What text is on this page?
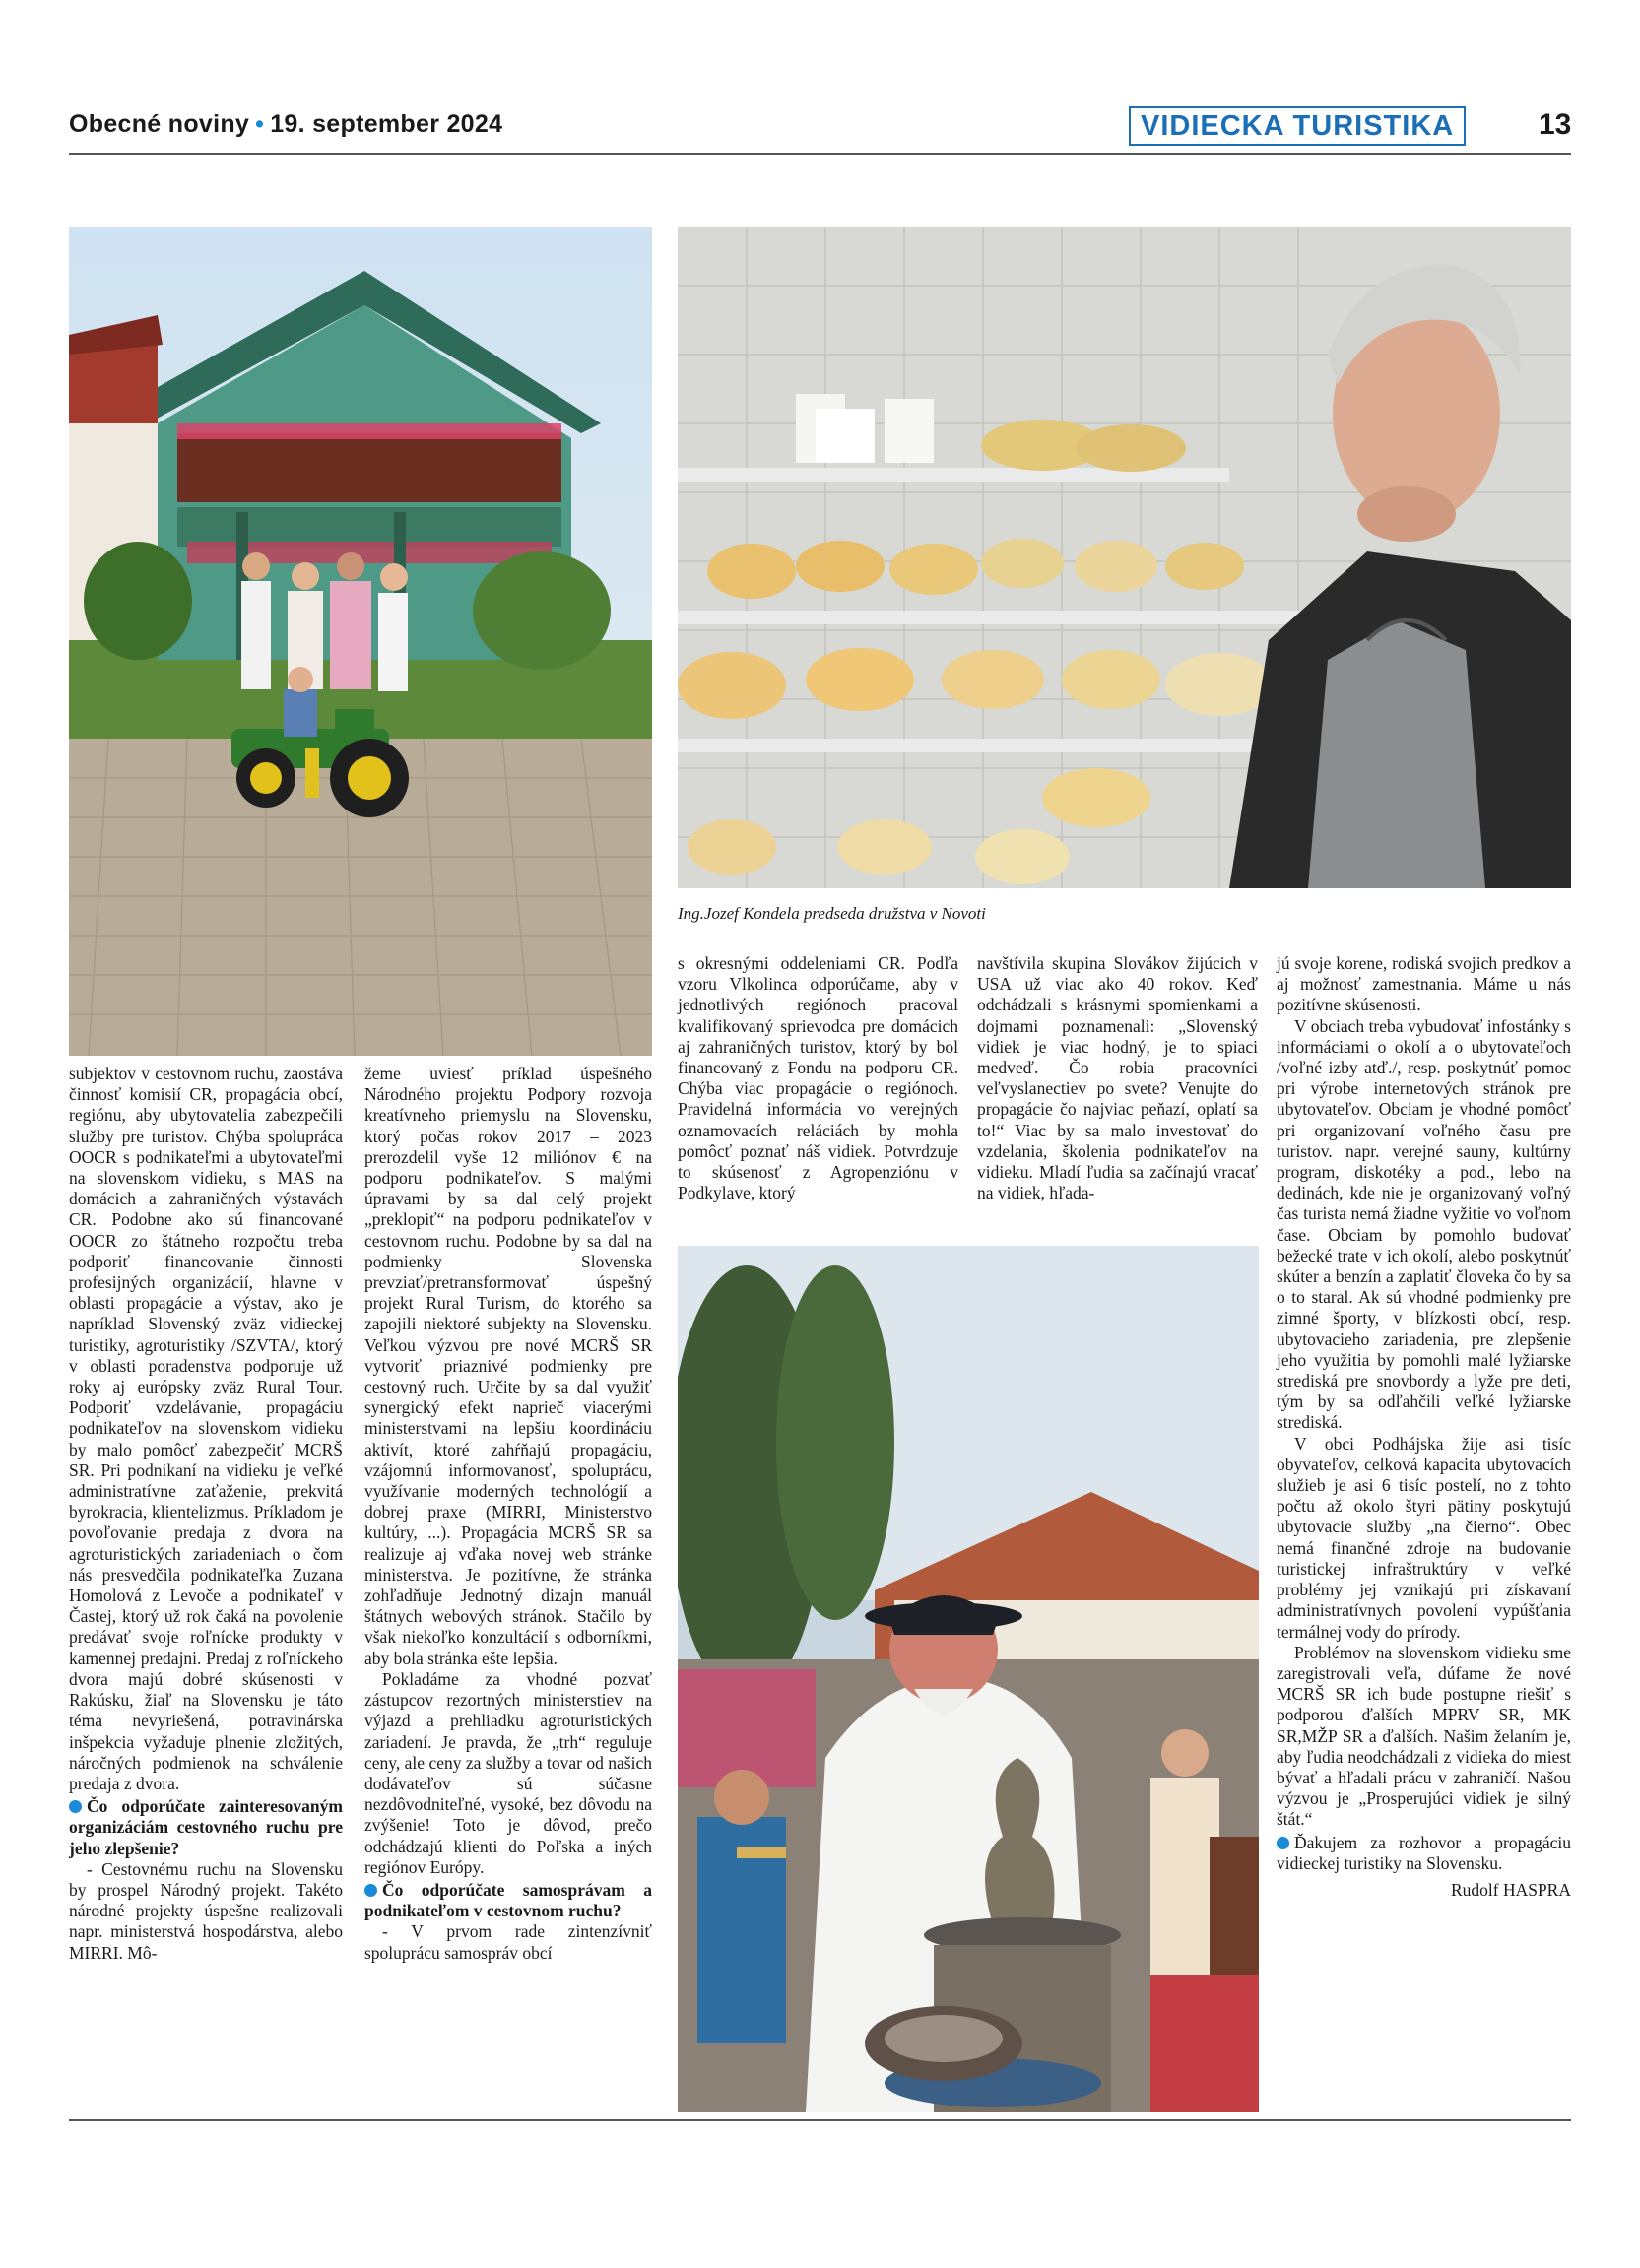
Obecné noviny • 19. september 2024	VIDIECKA TURISTIKA	13
Ing.Jozef Kondela predseda družstva v Novoti

subjektov v cestovnom ruchu, zaostáva činnosť komisií CR, propagácia obcí, regiónu, aby ubytovatelia zabezpečili služby pre turistov. Chýba spolupráca OOCR s podnikateľmi a ubytovateľmi na slovenskom vidieku, s MAS na domácich a zahraničných výstavách CR. Podobne ako sú financované OOCR zo štátneho rozpočtu treba podporiť financovanie činnosti profesijných organizácií, hlavne v oblasti propagácie a výstav, ako je napríklad Slovenský zväz vidieckej turistiky, agroturistiky /SZVTA/, ktorý v oblasti poradenstva podporuje už roky aj európsky zväz Rural Tour. Podporiť vzdelávanie, propagáciu podnikateľov na slovenskom vidieku by malo pomôcť zabezpečiť MCRŠ SR. Pri podnikaní na vidieku je veľké administratívne zaťaženie, prekvitá byrokracia, klientelizmus. Príkladom je povoľovanie predaja z dvora na agroturistických zariadeniach o čom nás presvedčila podnikateľka Zuzana Homolová z Levoče a podnikateľ v Častej, ktorý už rok čaká na povolenie predávať svoje roľnícke produkty v kamennej predajni. Predaj z roľníckeho dvora majú dobré skúsenosti v Rakúsku, žiaľ na Slovensku je táto téma nevyriešená, potravinárska inšpekcia vyžaduje plnenie zložitých, náročných podmienok na schválenie predaja z dvora.

Čo odporúčate zainteresovaným organizáciám cestovného ruchu pre jeho zlepšenie?

- Cestovnému ruchu na Slovensku by prospel Národný projekt. Takéto národné projekty úspešne realizovali napr. ministerstvá hospodárstva, alebo MIRRI. Mô-

žeme uviesť príklad úspešného Národného projektu Podpory rozvoja kreatívneho priemyslu na Slovensku, ktorý počas rokov 2017 – 2023 prerozdelil vyše 12 miliónov € na podporu podnikateľov. S malými úpravami by sa dal celý projekt „preklopiť“ na podporu podnikateľov v cestovnom ruchu. Podobne by sa dal na podmienky Slovenska prevziať/pretransformovať úspešný projekt Rural Turism, do ktorého sa zapojili niektoré subjekty na Slovensku. Veľkou výzvou pre nové MCRŠ SR vytvoriť priaznivé podmienky pre cestovný ruch. Určite by sa dal využiť synergický efekt naprieč viacerými ministerstvami na lepšiu koordináciu aktivít, ktoré zahŕňajú propagáciu, vzájomnú informovanosť, spoluprácu, využívanie moderných technológií a dobrej praxe (MIRRI, Ministerstvo kultúry, ...). Propagácia MCRŠ SR sa realizuje aj vďaka novej web stránke ministerstva. Je pozitívne, že stránka zohľadňuje Jednotný dizajn manuál štátnych webových stránok. Stačilo by však niekoľko konzultácií s odborníkmi, aby bola stránka ešte lepšia.

Pokladáme za vhodné pozvať zástupcov rezortných ministerstiev na výjazd a prehliadku agroturistických zariadení. Je pravda, že „trh“ reguluje ceny, ale ceny za služby a tovar od našich dodávateľov sú súčasne nezdôvodniteľné, vysoké, bez dôvodu na zvýšenie! Toto je dôvod, prečo odchádzajú klienti do Poľska a iných regiónov Európy.

Čo odporúčate samosprávam a podnikateľom v cestovnom ruchu?

- V prvom rade zintenzívniť spoluprácu samospráv obcí

s okresnými oddeleniami CR. Podľa vzoru Vlkolinca odporúčame, aby v jednotlivých regiónoch pracoval kvalifikovaný sprievodca pre domácich aj zahraničných turistov, ktorý by bol financovaný z Fondu na podporu CR. Chýba viac propagácie o regiónoch. Pravidelná informácia vo verejných oznamovacích reláciách by mohla pomôcť poznať náš vidiek. Potvrdzuje to skúsenosť z Agropenziónu v Podkylave, ktorý

navštívila skupina Slovákov žijúcich v USA už viac ako 40 rokov. Keď odchádzali s krásnymi spomienkami a dojmami poznamenali: „Slovenský vidiek je viac hodný, je to spiaci medveď. Čo robia pracovníci veľvyslanectiev po svete? Venujte do propagácie čo najviac peňazí, oplatí sa to!“ Viac by sa malo investovať do vzdelania, školenia podnikateľov na vidieku. Mladí ľudia sa začínajú vracať na vidiek, hľada-

jú svoje korene, rodiská svojich predkov a aj možnosť zamestnania. Máme u nás pozitívne skúsenosti.

V obciach treba vybudovať infostánky s informáciami o okolí a o ubytovateľoch /voľné izby atď./, resp. poskytnúť pomoc pri výrobe internetových stránok pre ubytovateľov. Obciam je vhodné pomôcť pri organizovaní voľného času pre turistov. napr. verejné sauny, kultúrny program, diskotéky a pod., lebo na dedinách, kde nie je organizovaný voľný čas turista nemá žiadne vyžitie vo voľnom čase. Obciam by pomohlo budovať bežecké trate v ich okolí, alebo poskytnúť skúter a benzín a zaplatiť človeka čo by sa o to staral. Ak sú vhodné podmienky pre zimné športy, v blízkosti obcí, resp. ubytovacieho zariadenia, pre zlepšenie jeho využitia by pomohli malé lyžiarske strediská pre snovbordy a lyže pre deti, tým by sa odľahčili veľké lyžiarske strediská.

V obci Podhájska žije asi tisíc obyvateľov, celková kapacita ubytovacích služieb je asi 6 tisíc postelí, no z tohto počtu až okolo štyri pätiny poskytujú ubytovacie služby „na čierno“. Obec nemá finančné zdroje na budovanie turistickej infraštruktúry v veľké problémy jej vznikajú pri získavaní administratívnych povolení vypúšťania termálnej vody do prírody.

Problémov na slovenskom vidieku sme zaregistrovali veľa, dúfame že nové MCRŠ SR ich bude postupne riešiť s podporou ďalších MPRV SR, MK SR,MŽP SR a ďalších. Našim želaním je, aby ľudia neodchádzali z vidieka do miest bývať a hľadali prácu v zahraničí. Našou výzvou je „Prosperujúci vidiek je silný štát.“

Ďakujem za rozhovor a propagáciu vidieckej turistiky na Slovensku.

Rudolf HASPRA
